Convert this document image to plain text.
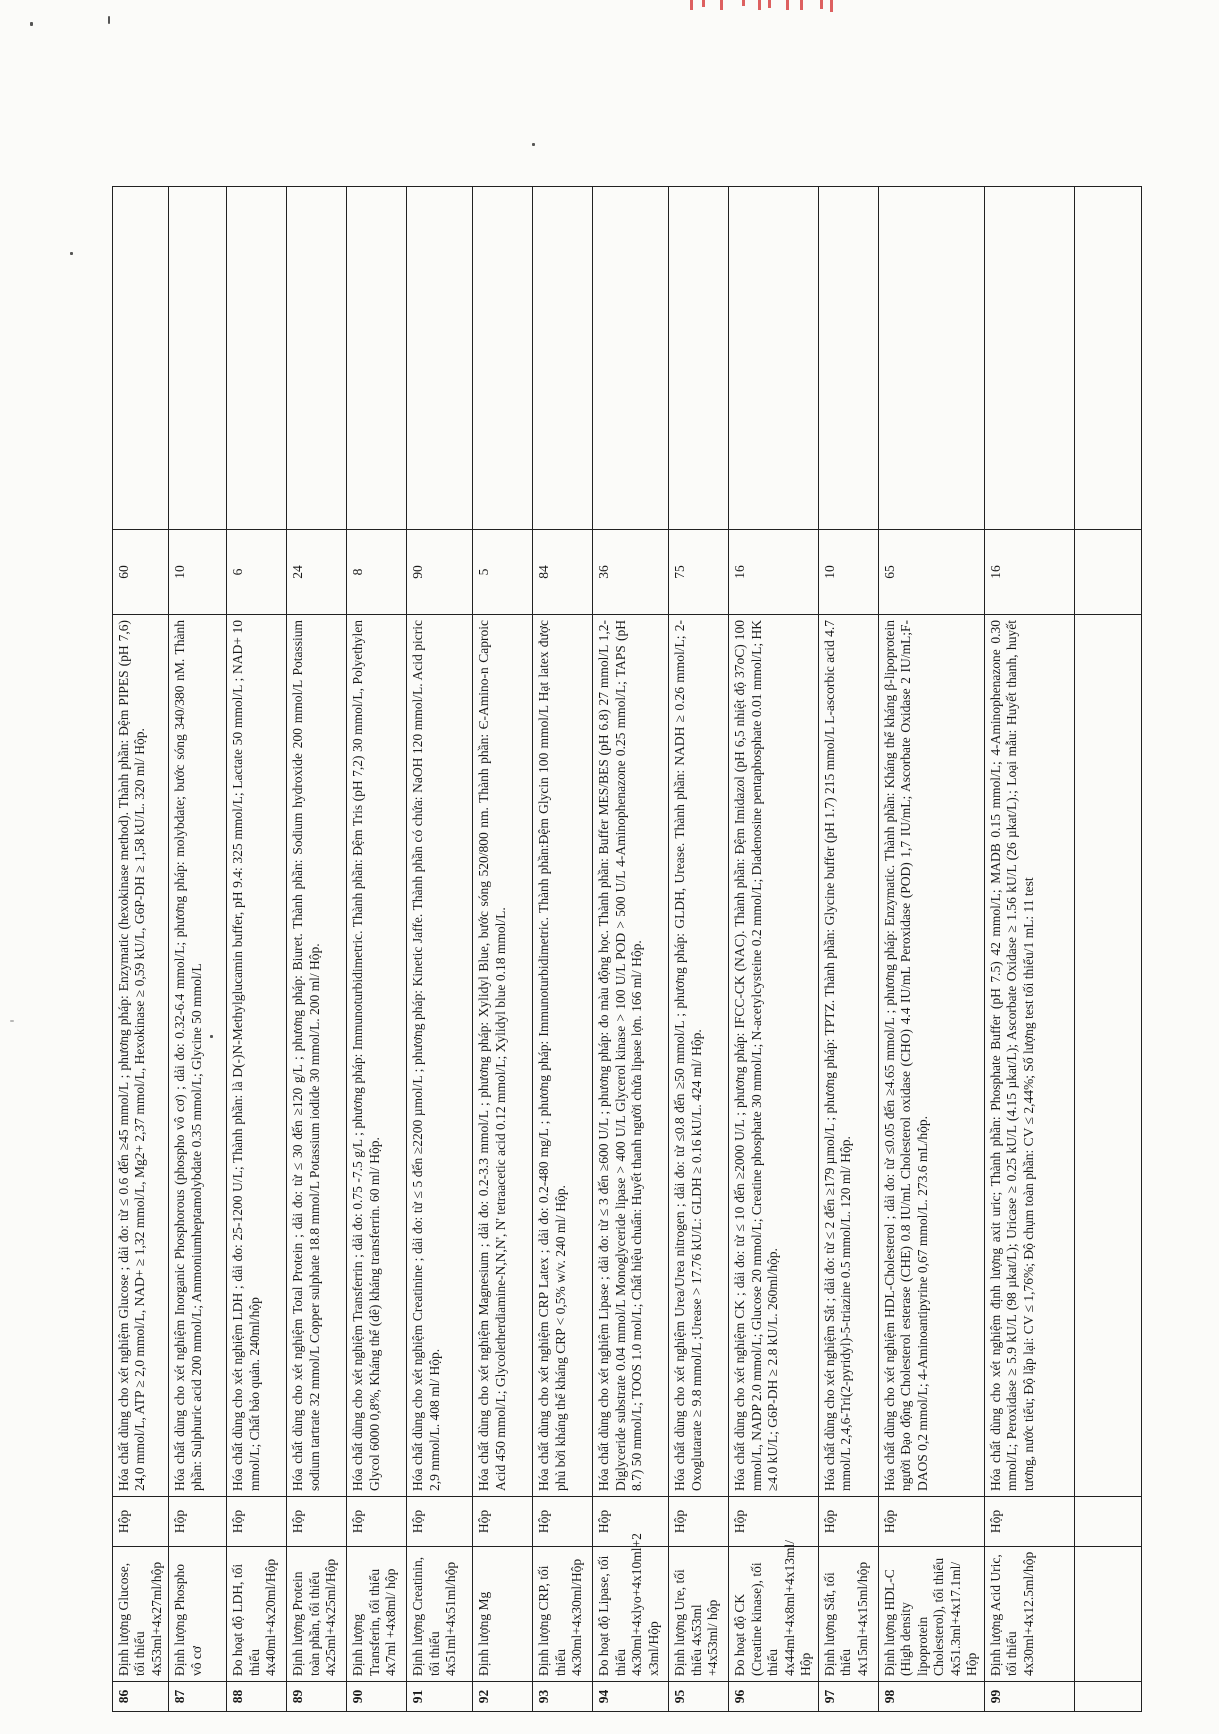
86	Định lượng Glucose, tối thiểu 4x53ml+4x27ml/hộp	Hộp	Hóa chất dùng cho xét nghiệm Glucose ; dải đo: từ ≤ 0.6 đến ≥45 mmol/L ; phương pháp: Enzymatic (hexokinase method). Thành phần: Đệm PIPES (pH 7,6) 24,0 mmol/L, ATP ≥ 2,0 mmol/L, NAD+ ≥ 1,32 mmol/L, Mg2+ 2,37 mmol/L, Hexokinase ≥ 0,59 kU/L, G6P-DH ≥ 1,58 kU/L. 320 ml/ Hộp.	60	
87	Định lượng Phospho vô cơ	Hộp	Hóa chất dùng cho xét nghiệm Inorganic Phosphorous (phospho vô cơ) ; dải đo: 0.32-6.4 mmol/L; phương pháp: molybdate; bước sóng 340/380 nM. Thành phần: Sulphuric acid 200 mmol/L; Ammoniumheptamolybdate 0.35 mmol/L; Glycine 50 mmol/L	10	
88	Đo hoạt độ LDH, tối thiểu 4x40ml+4x20ml/Hộp	Hộp	Hóa chất dùng cho xét nghiệm LDH ; dải đo: 25-1200 U/L; Thành phần: là D(-)N-Methylglucamin buffer, pH 9.4: 325 mmol/L; Lactate 50 mmol/L ; NAD+ 10 mmol/L; Chất bảo quản. 240ml/hộp	6	
89	Định lượng Protein toàn phần, tối thiểu 4x25ml+4x25ml/Hộp	Hộp	Hóa chất dùng cho xét nghiệm Total Protein ; dải đo: từ ≤ 30 đến ≥120 g/L ; phương pháp: Biuret. Thành phần: Sodium hydroxide 200 mmol/L Potassium sodium tartrate 32 mmol/L Copper sulphate 18.8 mmol/L Potassium iodide 30 mmol/L. 200 ml/ Hộp.	24	
90	Định lượng Transferin, tối thiểu 4x7ml +4x8ml/ hộp	Hộp	Hóa chất dùng cho xét nghiệm Transferrin ; dải đo: 0.75 -7.5 g/L ; phương pháp: Immunoturbidimetric. Thành phần: Đệm Tris (pH 7,2) 30 mmol/L, Polyethylen Glycol 6000 0,8%, Kháng thể (dê) kháng transferrin. 60 ml/ Hộp.	8	
91	Định lượng Creatinin, tối thiểu 4x51ml+4x51ml/hộp	Hộp	Hóa chất dùng cho xét nghiệm Creatinine ; dải đo: từ ≤ 5 đến ≥2200 µmol/L ; phương pháp: Kinetic Jaffe. Thành phần có chứa: NaOH 120 mmol/L. Acid picric 2,9 mmol/L. 408 ml/ Hộp.	90	
92	Định lượng Mg	Hộp	Hóa chất dùng cho xét nghiệm Magnesium ; dải đo: 0.2-3.3 mmol/L ; phương pháp: Xylidyl Blue, bước sóng 520/800 nm. Thành phần: Є-Amino-n Caproic Acid 450 mmol/L; Glycoletherdiamine-N,N,N', N' tetraacetic acid 0.12 mmol/L; Xylidyl blue 0.18 mmol/L.	5	
93	Định lượng CRP, tối thiểu 4x30ml+4x30ml/Hộp	Hộp	Hóa chất dùng cho xét nghiệm CRP Latex ; dải đo: 0.2-480 mg/L ; phương pháp: Immunoturbidimetric. Thành phần:Đệm Glycin 100 mmol/L Hạt latex được phủ bởi kháng thể kháng CRP < 0,5% w/v. 240 ml/ Hộp.	84	
94	Đo hoạt độ Lipase, tối thiểu 4x30ml+4xlyo+4x10ml+2 x3ml/Hộp	Hộp	Hóa chất dùng cho xét nghiệm Lipase ; dải đo: từ ≤ 3 đến ≥600 U/L ; phương pháp: đo màu động học. Thành phần: Buffer MES/BES (pH 6.8) 27 mmol/L 1,2-Diglyceride substrate 0.04 mmol/L Monoglyceride lipase > 400 U/L Glycerol kinase > 100 U/L POD > 500 U/L 4-Aminophenazone 0.25 mmol/L; TAPS (pH 8.7) 50 mmol/L; TOOS 1.0 mol/L; Chất hiệu chuẩn: Huyết thanh người chứa lipase lợn. 166 ml/ Hộp.	36	
95	Định lượng Ure, tối thiểu 4x53ml +4x53ml/ hộp	Hộp	Hóa chất dùng cho xét nghiệm Urea/Urea nitrogen ; dải đo: từ ≤0.8 đến ≥50 mmol/L ; phương pháp: GLDH, Urease. Thành phần: NADH ≥ 0.26 mmol/L; 2-Oxoglutarate ≥ 9.8 mmol/L ;Urease > 17.76 kU/L: GLDH ≥ 0.16 kU/L. 424 ml/ Hộp.	75	
96	Đo hoạt độ CK (Creatine kinase), tối thiểu 4x44ml+4x8ml+4x13ml/ Hộp	Hộp	Hóa chất dùng cho xét nghiệm CK ; dải đo: từ ≤ 10 đến ≥2000 U/L ; phương pháp: IFCC-CK (NAC). Thành phần: Đệm Imidazol (pH 6,5 nhiệt độ 37oC) 100 mmol/L, NADP 2.0 mmol/L; Glucose 20 mmol/L; Creatine phosphate 30 mmol/L; N-acetylcysteine 0.2 mmol/L; Diadenosine pentaphosphate 0.01 mmol/L; HK ≥4.0 kU/L; G6P-DH ≥ 2.8 kU/L. 260ml/hộp.	16	
97	Định lượng Sắt, tối thiểu 4x15ml+4x15ml/hộp	Hộp	Hóa chất dùng cho xét nghiệm Sắt ; dải đo: từ ≤ 2 đến ≥179 µmol/L ; phương pháp: TPTZ. Thành phần: Glycine buffer (pH 1.7) 215 mmol/L L-ascorbic acid 4.7 mmol/L 2,4,6-Tri(2-pyridyl)-5-triazine 0.5 mmol/L. 120 ml/ Hộp.	10	
98	Định lượng HDL-C (High density lipoprotein Cholesterol), tối thiểu 4x51.3ml+4x17.1ml/ Hộp	Hộp	Hóa chất dùng cho xét nghiệm HDL-Cholesterol ; dải đo: từ ≤0.05 đến ≥4.65 mmol/L ; phương pháp: Enzymatic. Thành phần: Kháng thể kháng β-lipoprotein người Đạo động Cholesterol esterase (CHE) 0.8 IU/mL Cholesterol oxidase (CHO) 4.4 IU/mL Peroxidase (POD) 1,7 IU/mL; Ascorbate Oxidase 2 IU/mL;F-DAOS 0,2 mmol/L; 4-Aminoantipyrine 0,67 mmol/L. 273.6 mL/hộp.	65	
99	Định lượng Acid Uric, tối thiểu 4x30ml+4x12.5ml/hộp	Hộp	Hóa chất dùng cho xét nghiệm định lượng axit uric; Thành phần: Phosphate Buffer (pH 7.5) 42 mmol/L; MADB 0.15 mmol/L; 4-Aminophenazone 0.30 mmol/L; Peroxidase ≥ 5.9 kU/L (98 µkat/L); Uricase ≥ 0.25 kU/L (4.15 µkat/L); Ascorbate Oxidase ≥ 1.56 kU/L (26 µkat/L).; Loại mẫu: Huyết thanh, huyết tương, nước tiểu; Độ lặp lại: CV ≤ 1,76%; Độ chụm toàn phần: CV ≤ 2,44%; Số lượng test tối thiểu/1 mL: 11 test	16	
